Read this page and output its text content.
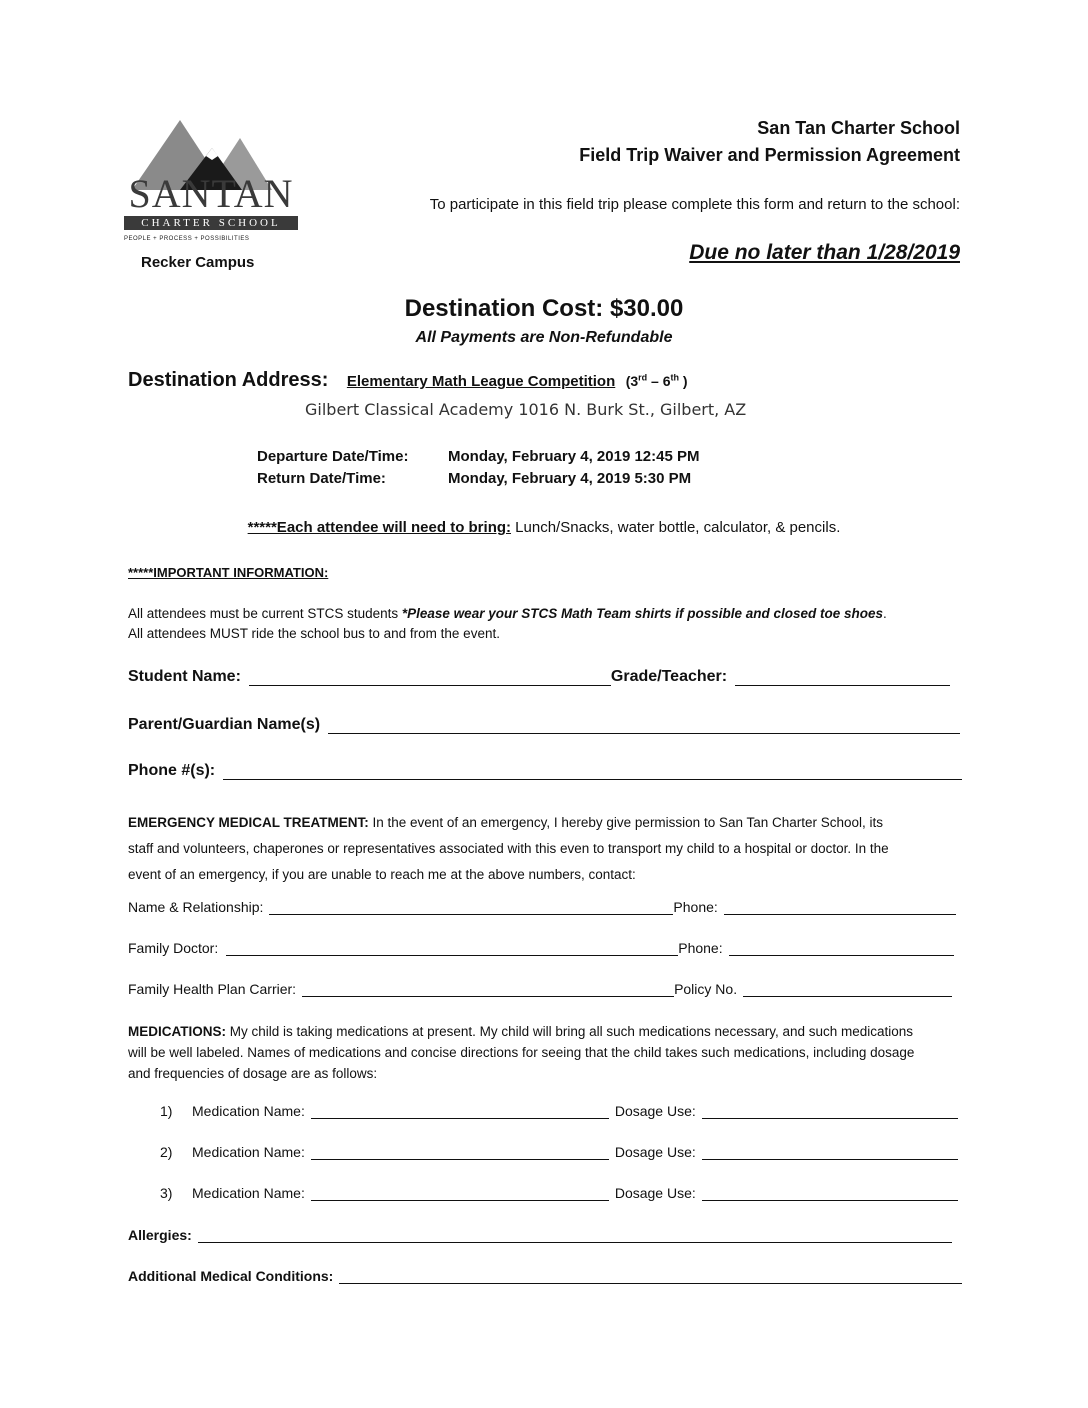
SANTAN
CHARTER SCHOOL
PEOPLE + PROCESS + POSSIBILITIES
Recker Campus
San Tan Charter School
Field Trip Waiver and Permission Agreement
To participate in this field trip please complete this form and return to the school:
Due no later than 1/28/2019
Destination Cost: $30.00
All Payments are Non-Refundable
Destination Address: Elementary Math League Competition (3rd – 6th )
Gilbert Classical Academy 1016 N. Burk St., Gilbert, AZ
Departure Date/Time:	Monday, February 4, 2019 12:45 PM
Return Date/Time:	Monday, February 4, 2019 5:30 PM
*****Each attendee will need to bring: Lunch/Snacks, water bottle, calculator, & pencils.
*****IMPORTANT INFORMATION:
All attendees must be current STCS students *Please wear your STCS Math Team shirts if possible and closed toe shoes.
All attendees MUST ride the school bus to and from the event.
Student Name:	Grade/Teacher:
Parent/Guardian Name(s)
Phone #(s):
EMERGENCY MEDICAL TREATMENT: In the event of an emergency, I hereby give permission to San Tan Charter School, its
staff and volunteers, chaperones or representatives associated with this even to transport my child to a hospital or doctor. In the
event of an emergency, if you are unable to reach me at the above numbers, contact:
Name & Relationship:	Phone:
Family Doctor:	Phone:
Family Health Plan Carrier:	Policy No.
MEDICATIONS: My child is taking medications at present. My child will bring all such medications necessary, and such medications
will be well labeled. Names of medications and concise directions for seeing that the child takes such medications, including dosage
and frequencies of dosage are as follows:
1)	Medication Name:	Dosage Use:
2)	Medication Name:	Dosage Use:
3)	Medication Name:	Dosage Use:
Allergies:
Additional Medical Conditions:
